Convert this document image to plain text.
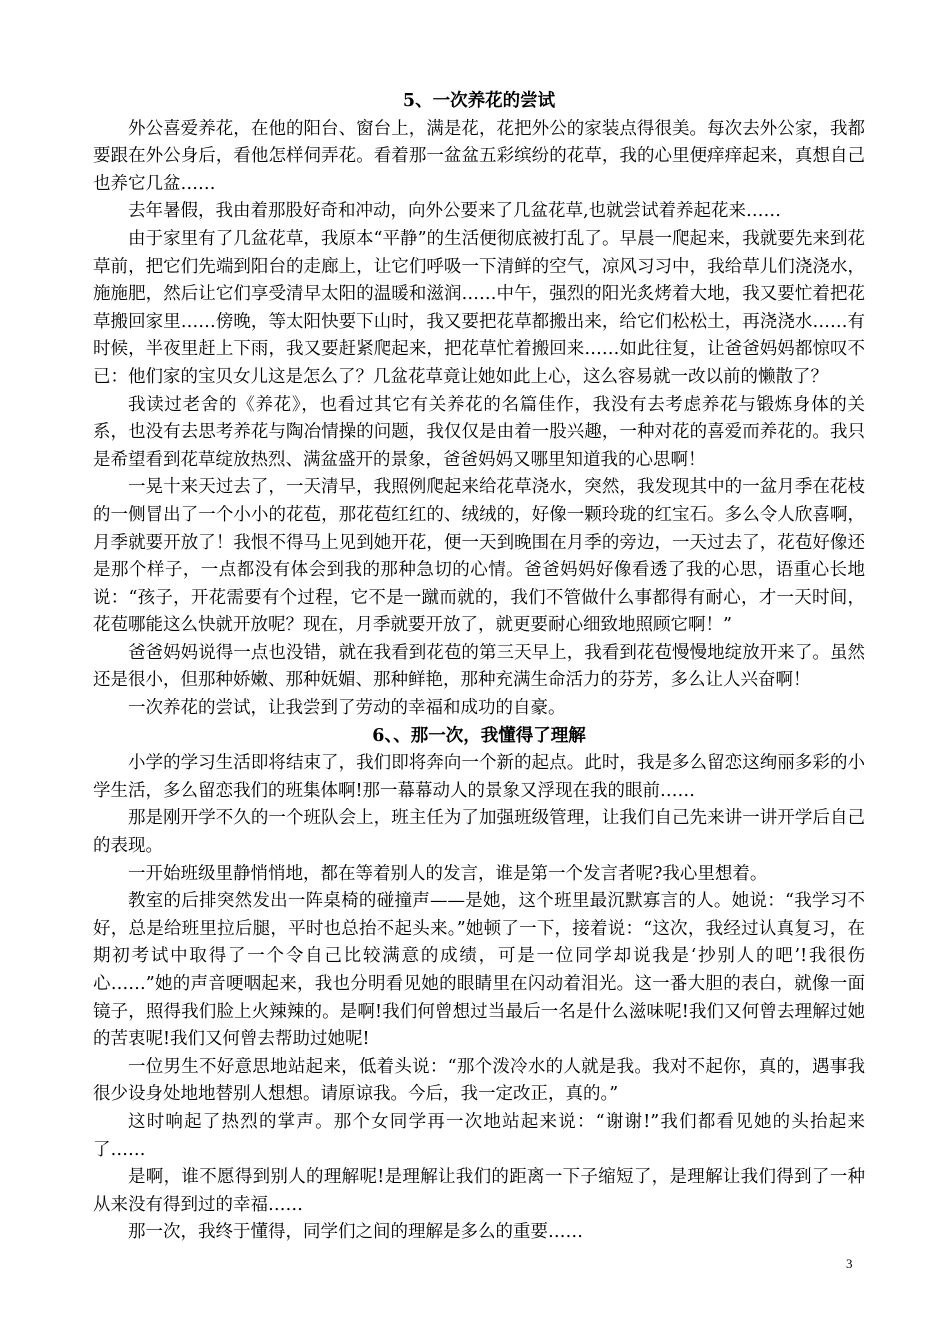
5、一次养花的尝试

外公喜爱养花，在他的阳台、窗台上，满是花，花把外公的家装点得很美。每次去外公家，我都要跟在外公身后，看他怎样伺弄花。看着那一盆盆五彩缤纷的花草，我的心里便痒痒起来，真想自己也养它几盆……

去年暑假，我由着那股好奇和冲动，向外公要来了几盆花草,也就尝试着养起花来……

由于家里有了几盆花草，我原本“平静”的生活便彻底被打乱了。早晨一爬起来，我就要先来到花草前，把它们先端到阳台的走廊上，让它们呼吸一下清鲜的空气，凉风习习中，我给草儿们浇浇水，施施肥，然后让它们享受清早太阳的温暖和滋润……中午，强烈的阳光炙烤着大地，我又要忙着把花草搬回家里……傍晚，等太阳快要下山时，我又要把花草都搬出来，给它们松松土，再浇浇水……有时候，半夜里赶上下雨，我又要赶紧爬起来，把花草忙着搬回来……如此往复，让爸爸妈妈都惊叹不已：他们家的宝贝女儿这是怎么了？几盆花草竟让她如此上心，这么容易就一改以前的懒散了？

我读过老舍的《养花》，也看过其它有关养花的名篇佳作，我没有去考虑养花与锻炼身体的关系，也没有去思考养花与陶冶情操的问题，我仅仅是由着一股兴趣，一种对花的喜爱而养花的。我只是希望看到花草绽放热烈、满盆盛开的景象，爸爸妈妈又哪里知道我的心思啊！

一晃十来天过去了，一天清早，我照例爬起来给花草浇水，突然，我发现其中的一盆月季在花枝的一侧冒出了一个小小的花苞，那花苞红红的、绒绒的，好像一颗玲珑的红宝石。多么令人欣喜啊，月季就要开放了！我恨不得马上见到她开花，便一天到晚围在月季的旁边，一天过去了，花苞好像还是那个样子，一点都没有体会到我的那种急切的心情。爸爸妈妈好像看透了我的心思，语重心长地说：“孩子，开花需要有个过程，它不是一蹴而就的，我们不管做什么事都得有耐心，才一天时间，花苞哪能这么快就开放呢？现在，月季就要开放了，就更要耐心细致地照顾它啊！”

爸爸妈妈说得一点也没错，就在我看到花苞的第三天早上，我看到花苞慢慢地绽放开来了。虽然还是很小，但那种娇嫩、那种妩媚、那种鲜艳，那种充满生命活力的芬芳，多么让人兴奋啊！

一次养花的尝试，让我尝到了劳动的幸福和成功的自豪。

6、、那一次，我懂得了理解

小学的学习生活即将结束了，我们即将奔向一个新的起点。此时，我是多么留恋这绚丽多彩的小学生活，多么留恋我们的班集体啊!那一幕幕动人的景象又浮现在我的眼前……

那是刚开学不久的一个班队会上，班主任为了加强班级管理，让我们自己先来讲一讲开学后自己的表现。

一开始班级里静悄悄地，都在等着别人的发言，谁是第一个发言者呢?我心里想着。

教室的后排突然发出一阵桌椅的碰撞声——是她，这个班里最沉默寡言的人。她说：“我学习不好，总是给班里拉后腿，平时也总抬不起头来。”她顿了一下，接着说：“这次，我经过认真复习，在期初考试中取得了一个令自己比较满意的成绩，可是一位同学却说我是‘抄别人的吧’!我很伤心……”她的声音哽咽起来，我也分明看见她的眼睛里在闪动着泪光。这一番大胆的表白，就像一面镜子，照得我们脸上火辣辣的。是啊!我们何曾想过当最后一名是什么滋味呢!我们又何曾去理解过她的苦衷呢!我们又何曾去帮助过她呢!

一位男生不好意思地站起来，低着头说：“那个泼冷水的人就是我。我对不起你，真的，遇事我很少设身处地地替别人想想。请原谅我。今后，我一定改正，真的。”

这时响起了热烈的掌声。那个女同学再一次地站起来说：“谢谢!”我们都看见她的头抬起来了……

是啊，谁不愿得到别人的理解呢!是理解让我们的距离一下子缩短了，是理解让我们得到了一种从来没有得到过的幸福……

那一次，我终于懂得，同学们之间的理解是多么的重要……

3
